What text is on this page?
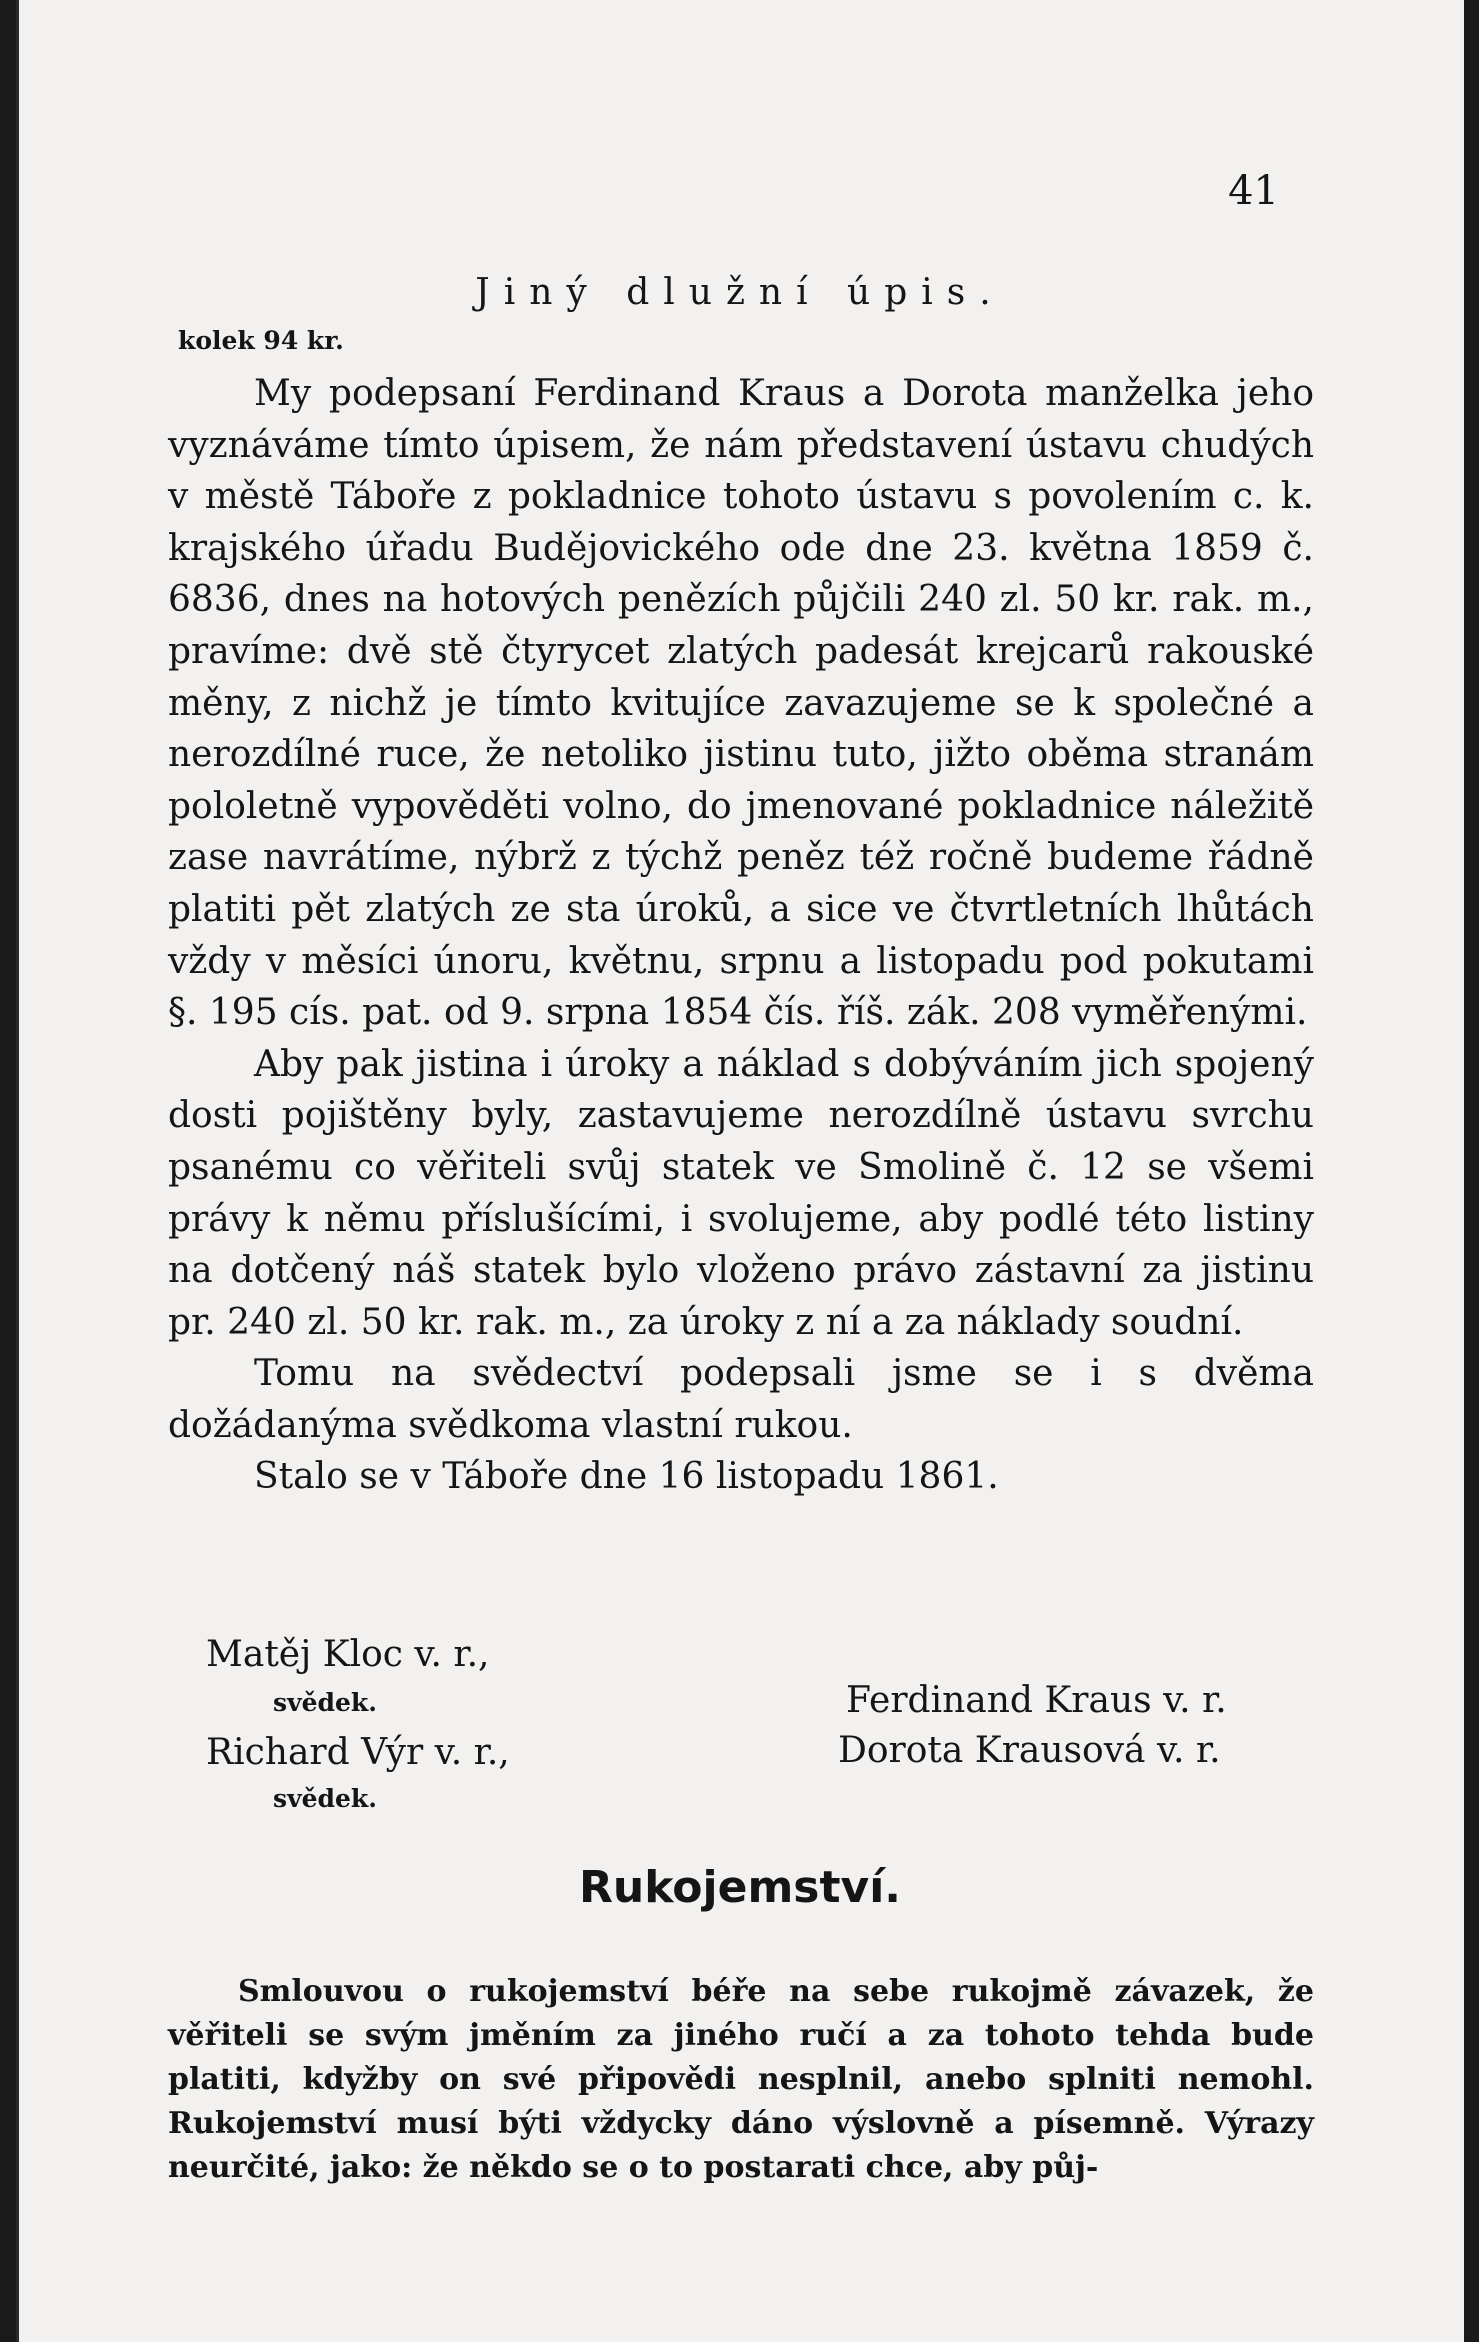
41
Jiný dlužní úpis.
kolek 94 kr.

My podepsaní Ferdinand Kraus a Dorota manželka jeho vyznáváme tímto úpisem, že nám představení ústavu chudých v městě Táboře z pokladnice tohoto ústavu s povolením c. k. krajského úřadu Budějovického ode dne 23. května 1859 č. 6836, dnes na hotových penězích půjčili 240 zl. 50 kr. rak. m., pravíme: dvě stě čtyrycet zlatých padesát krejcarů rakouské měny, z nichž je tímto kvitujíce zavazujeme se k společné a nerozdílné ruce, že netoliko jistinu tuto, jižto oběma stranám pololetně vypověděti volno, do jmenované pokladnice náležitě zase navrátíme, nýbrž z týchž peněz též ročně budeme řádně platiti pět zlatých ze sta úroků, a sice ve čtvrtletních lhůtách vždy v měsíci únoru, květnu, srpnu a listopadu pod pokutami §. 195 cís. pat. od 9. srpna 1854 čís. říš. zák. 208 vyměřenými.

Aby pak jistina i úroky a náklad s dobýváním jich spojený dosti pojištěny byly, zastavujeme nerozdílně ústavu svrchu psanému co věřiteli svůj statek ve Smolině č. 12 se všemi právy k němu příslušícími, i svolujeme, aby podlé této listiny na dotčený náš statek bylo vloženo právo zástavní za jistinu pr. 240 zl. 50 kr. rak. m., za úroky z ní a za náklady soudní.

Tomu na svědectví podepsali jsme se i s dvěma dožádanýma svědkoma vlastní rukou.

Stalo se v Táboře dne 16 listopadu 1861.

Matěj Kloc v. r.,
svědek.
Richard Výr v. r.,
svědek.
Ferdinand Kraus v. r.
Dorota Krausová v. r.
Rukojemství.

Smlouvou o rukojemství béře na sebe rukojmě závazek, že věřiteli se svým jměním za jiného ručí a za tohoto tehda bude platiti, kdyžby on své připovědi nesplnil, anebo splniti nemohl. Rukojemství musí býti vždycky dáno výslovně a písemně. Výrazy neurčité, jako: že někdo se o to postarati chce, aby půj-
